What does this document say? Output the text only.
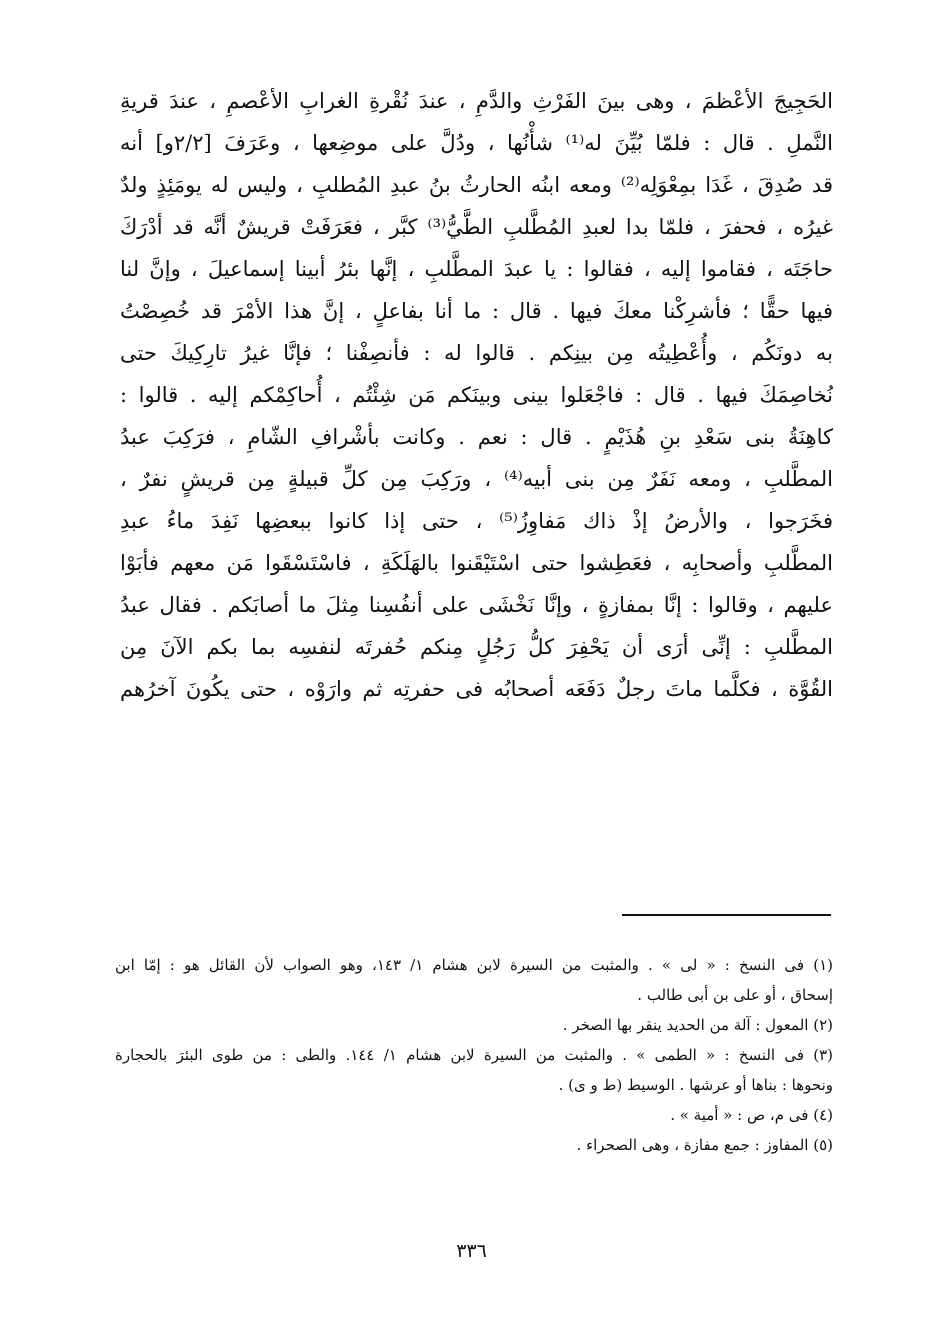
الحَجِيجَ الأعْظمَ ، وهى بينَ الفَرْثِ والدَّمِ ، عندَ نُقْرةِ الغرابِ الأعْصمِ ، عندَ قريةِ
النَّملِ . قال : فلمّا بُيِّنَ له⁽¹⁾ شأْنُها ، ودُلَّ على موضِعها ، وعَرَفَ [٢/٢و] أنه
قد صُدِقَ ، غَدَا بمِعْوَلِه⁽²⁾ ومعه ابنُه الحارثُ بنُ عبدِ المُطلبِ ، وليس له يومَئِذٍ ولدٌ
غيرُه ، فحفرَ ، فلمّا بدا لعبدِ المُطَّلبِ الطَّيُّ⁽³⁾ كبَّر ، فعَرَفَتْ قريشٌ أنَّه قد أدْرَكَ
حاجَتَه ، فقاموا إليه ، فقالوا : يا عبدَ المطَّلبِ ، إنَّها بئرُ أبينا إسماعيلَ ، وإنَّ لنا
فيها حقًّا ؛ فأشرِكْنا معكَ فيها . قال : ما أنا بفاعلٍ ، إنَّ هذا الأمْرَ قد خُصِصْتُ
به دونَكُم ، وأُعْطِيتُه مِن بينِكم . قالوا له : فأنصِفْنا ؛ فإنَّا غيرُ تارِكِيكَ حتى
نُخاصِمَكَ فيها . قال : فاجْعَلوا بينى وبينَكم مَن شِئْتُم ، أُحاكِمْكم إليه . قالوا :
كاهِنَةُ بنى سَعْدِ بنِ هُذَيْمٍ . قال : نعم . وكانت بأشْرافِ الشّامِ ، فرَكِبَ عبدُ
المطَّلبِ ، ومعه نَفَرٌ مِن بنى أبيه⁽⁴⁾ ، ورَكِبَ مِن كلِّ قبيلةٍ مِن قريشٍ نفرٌ ،
فخَرَجوا ، والأرضُ إذْ ذاك مَفاوِزُ⁽⁵⁾ ، حتى إذا كانوا ببعضِها نَفِدَ ماءُ عبدِ
المطَّلبِ وأصحابِه ، فعَطِشوا حتى اسْتَيْقَنوا بالهَلَكَةِ ، فاسْتَسْقَوا مَن معهم فأبَوْا
عليهم ، وقالوا : إنَّا بمفازةٍ ، وإنَّا نَخْشَى على أنفُسِنا مِثلَ ما أصابَكم . فقال عبدُ
المطَّلبِ : إنِّى أرَى أن يَحْفِرَ كلُّ رَجُلٍ مِنكم حُفرتَه لنفسِه بما بكم الآنَ مِن
القُوَّة ، فكلَّما ماتَ رجلٌ دَفَعَه أصحابُه فى حفرتِه ثم وارَوْه ، حتى يكُونَ آخرُهم
(١) فى النسخ : « لى » . والمثبت من السيرة لابن هشام ١/ ١٤٣، وهو الصواب لأن القائل هو : إمّا ابن
إسحاق ، أو على بن أبى طالب .
(٢) المعول : آلة من الحديد ينقر بها الصخر .
(٣) فى النسخ : « الطمى » . والمثبت من السيرة لابن هشام ١/ ١٤٤. والطى : من طوى البئرَ بالحجارة
ونحوها : بناها أو عرشها . الوسيط (ط و ى) .
(٤) فى م، ص : « أمية » .
(٥) المفاوز : جمع مفازة ، وهى الصحراء .
٣٣٦
